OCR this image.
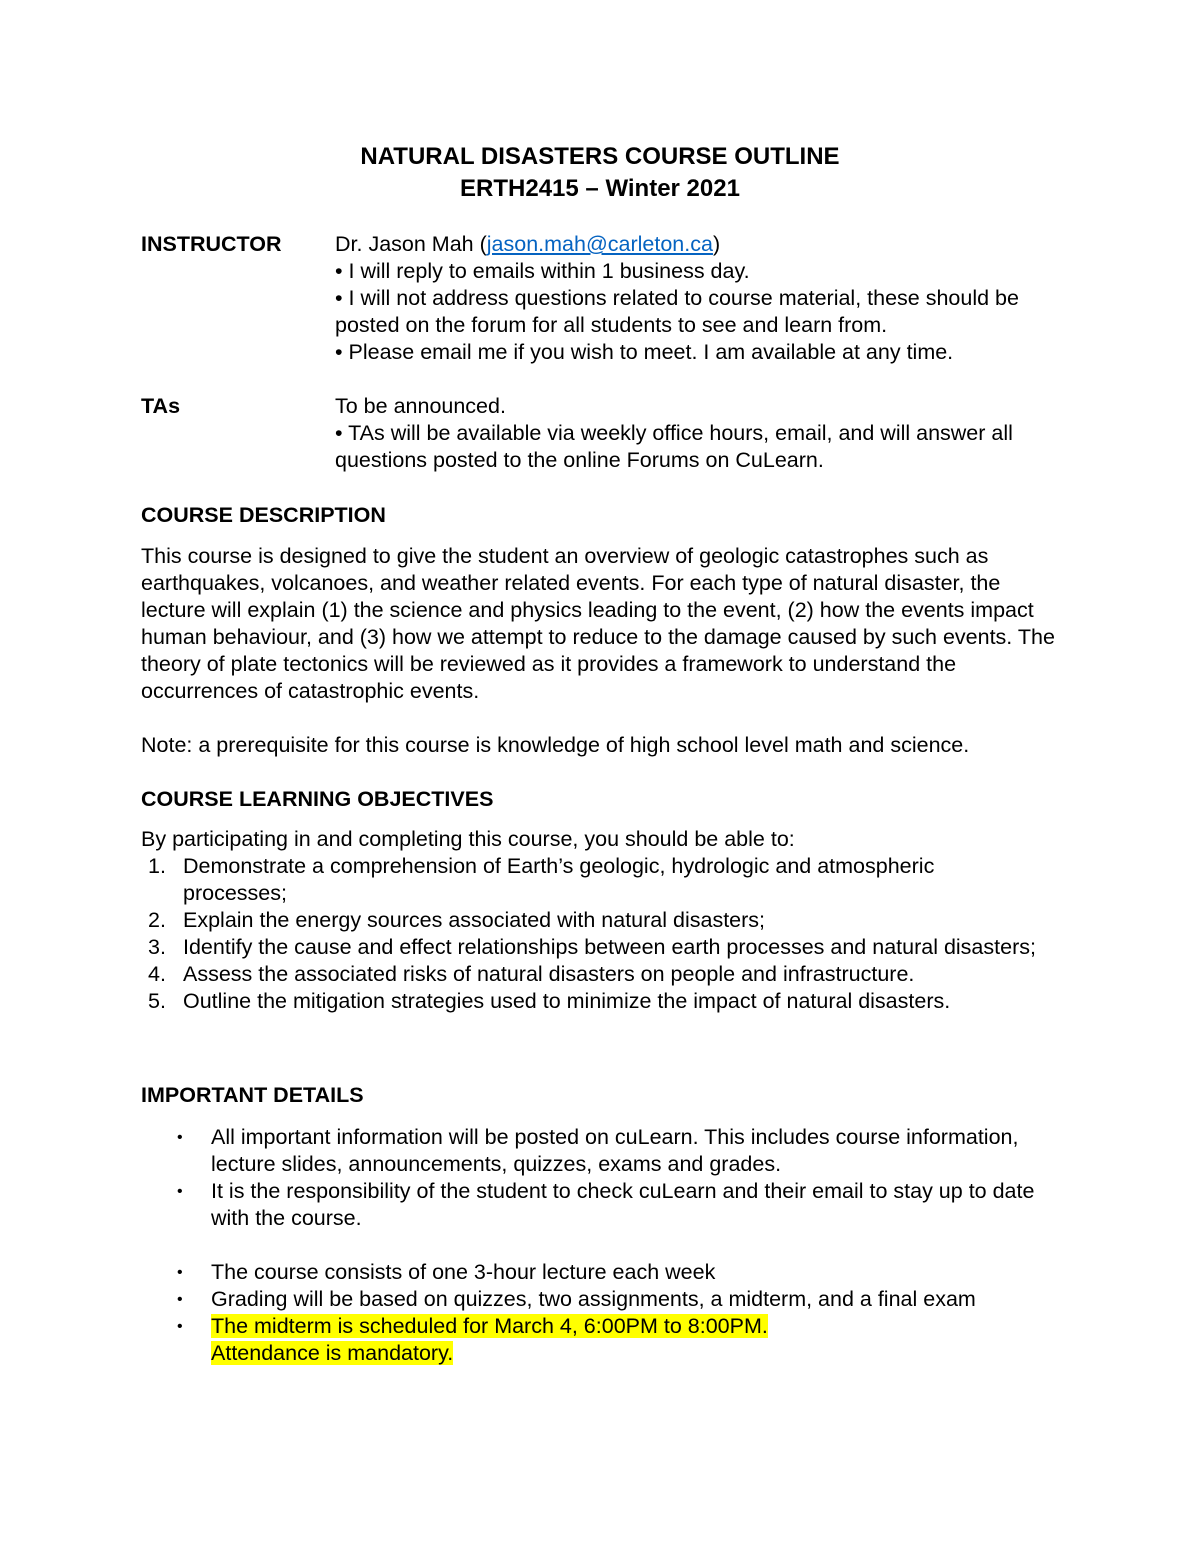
NATURAL DISASTERS COURSE OUTLINE
ERTH2415 – Winter 2021
INSTRUCTOR Dr. Jason Mah (jason.mah@carleton.ca)
• I will reply to emails within 1 business day.
• I will not address questions related to course material, these should be posted on the forum for all students to see and learn from.
• Please email me if you wish to meet. I am available at any time.
TAs	To be announced.
• TAs will be available via weekly office hours, email, and will answer all questions posted to the online Forums on CuLearn.
COURSE DESCRIPTION
This course is designed to give the student an overview of geologic catastrophes such as earthquakes, volcanoes, and weather related events. For each type of natural disaster, the lecture will explain (1) the science and physics leading to the event, (2) how the events impact human behaviour, and (3) how we attempt to reduce to the damage caused by such events. The theory of plate tectonics will be reviewed as it provides a framework to understand the occurrences of catastrophic events.
Note: a prerequisite for this course is knowledge of high school level math and science.
COURSE LEARNING OBJECTIVES
By participating in and completing this course, you should be able to:
1. Demonstrate a comprehension of Earth’s geologic, hydrologic and atmospheric processes;
2. Explain the energy sources associated with natural disasters;
3. Identify the cause and effect relationships between earth processes and natural disasters;
4. Assess the associated risks of natural disasters on people and infrastructure.
5. Outline the mitigation strategies used to minimize the impact of natural disasters.
IMPORTANT DETAILS
• All important information will be posted on cuLearn. This includes course information, lecture slides, announcements, quizzes, exams and grades.
• It is the responsibility of the student to check cuLearn and their email to stay up to date with the course.
• The course consists of one 3-hour lecture each week
• Grading will be based on quizzes, two assignments, a midterm, and a final exam
• The midterm is scheduled for March 4, 6:00PM to 8:00PM.
Attendance is mandatory.
